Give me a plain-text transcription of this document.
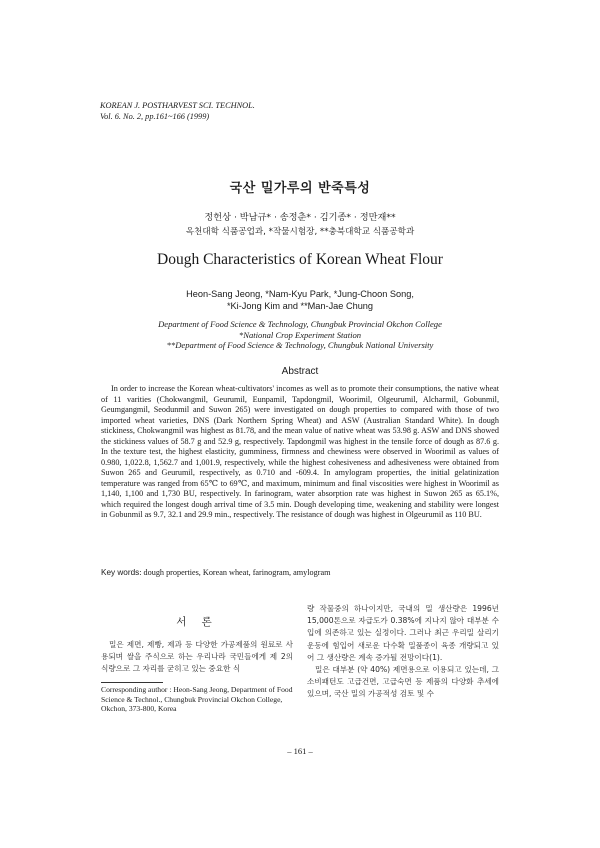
KOREAN J. POSTHARVEST SCI. TECHNOL.
Vol. 6. No. 2, pp.161~166 (1999)
국산 밀가루의 반죽특성
정헌상 · 박남규* · 송정춘* · 김기종* · 정만재**
옥천대학 식품공업과, *작물시험장, **충북대학교 식품공학과
Dough Characteristics of Korean Wheat Flour
Heon-Sang Jeong, *Nam-Kyu Park, *Jung-Choon Song,
*Ki-Jong Kim and **Man-Jae Chung
Department of Food Science & Technology, Chungbuk Provincial Okchon College
*National Crop Experiment Station
**Department of Food Science & Technology, Chungbuk National University
Abstract

In order to increase the Korean wheat-cultivators' incomes as well as to promote their consumptions, the native wheat of 11 varities (Chokwangmil, Geurumil, Eunpamil, Tapdongmil, Woorimil, Olgeurumil, Alcharmil, Gobunmil, Geumgangmil, Seodunmil and Suwon 265) were investigated on dough properties to compared with those of two imported wheat varieties, DNS (Dark Northern Spring Wheat) and ASW (Australian Standard White). In dough stickiness, Chokwangmil was highest as 81.78, and the mean value of native wheat was 53.98 g. ASW and DNS showed the stickiness values of 58.7 g and 52.9 g, respectively. Tapdongmil was highest in the tensile force of dough as 87.6 g. In the texture test, the highest elasticity, gumminess, firmness and chewiness were observed in Woorimil as values of 0.980, 1,022.8, 1,562.7 and 1,001.9, respectively, while the highest cohesiveness and adhesiveness were obtained from Suwon 265 and Geurumil, respectively, as 0.710 and -609.4. In amylogram properties, the initial gelatinization temperature was ranged from 65℃ to 69℃, and maximum, minimum and final viscosities were highest in Woorimil as 1,140, 1,100 and 1,730 BU, respectively. In farinogram, water absorption rate was highest in Suwon 265 as 65.1%, which required the longest dough arrival time of 3.5 min. Dough developing time, weakening and stability were longest in Gobunmil as 9.7, 32.1 and 29.9 min., respectively. The resistance of dough was highest in Olgeurumil as 110 BU.

Key words: dough properties, Korean wheat, farinogram, amylogram
서 론

밀은 제면, 제빵, 제과 등 다양한 가공제품의 원료로 사용되며 쌀을 주식으로 하는 우리나라 국민들에게 제 2의 식량으로 그 자리를 굳히고 있는 중요한 식

Corresponding author : Heon-Sang Jeong, Department of Food Science & Technol., Chungbuk Provincial Okchon College, Okchon, 373-800, Korea

량 작물중의 하나이지만, 국내의 밀 생산량은 1996년 15,000톤으로 자급도가 0.38%에 지나지 않아 대부분 수입에 의존하고 있는 실정이다. 그러나 최근 우리밀 살리기 운동에 힘입어 새로운 다수확 밀품종이 육종 개량되고 있어 그 생산량은 계속 증가될 전망이다(1).

밀은 대부분 (약 40%) 제면용으로 이용되고 있는데, 그 소비패턴도 고급건면, 고급숙면 등 제품의 다양화 추세에 있으며, 국산 밀의 가공적성 검토 및 수

– 161 –
